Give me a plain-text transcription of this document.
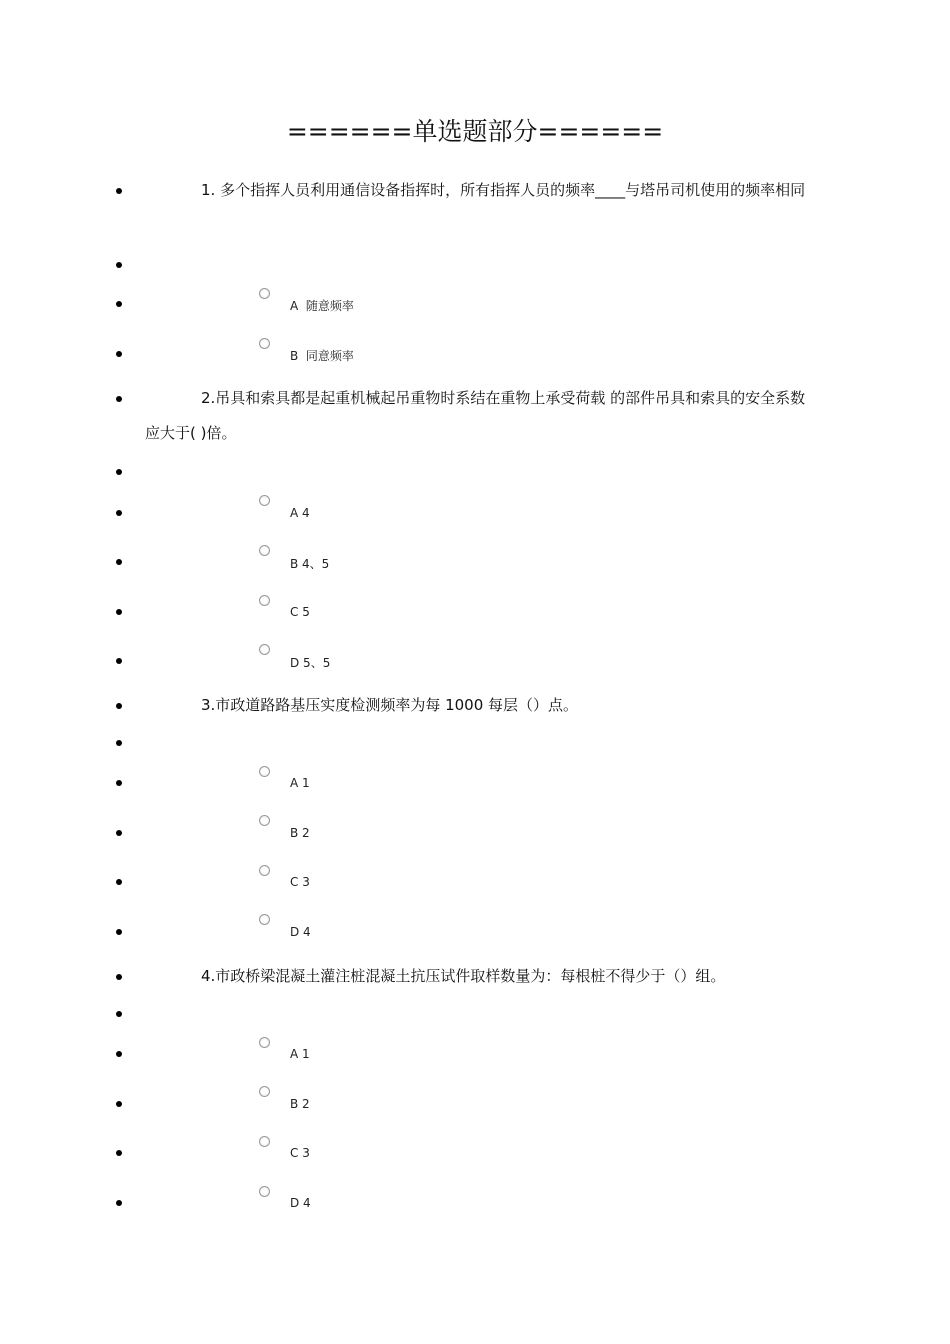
======单选题部分======
1. 多个指挥人员利用通信设备指挥时，所有指挥人员的频率____与塔吊司机使用的频率相同
A  随意频率
B  同意频率
2.吊具和索具都是起重机械起吊重物时系结在重物上承受荷载 的部件吊具和索具的安全系数应大于( )倍。
A 4
B 4、5
C 5
D 5、5
3.市政道路路基压实度检测频率为每 1000 每层（）点。
A 1
B 2
C 3
D 4
4.市政桥梁混凝土灌注桩混凝土抗压试件取样数量为：每根桩不得少于（）组。
A 1
B 2
C 3
D 4
